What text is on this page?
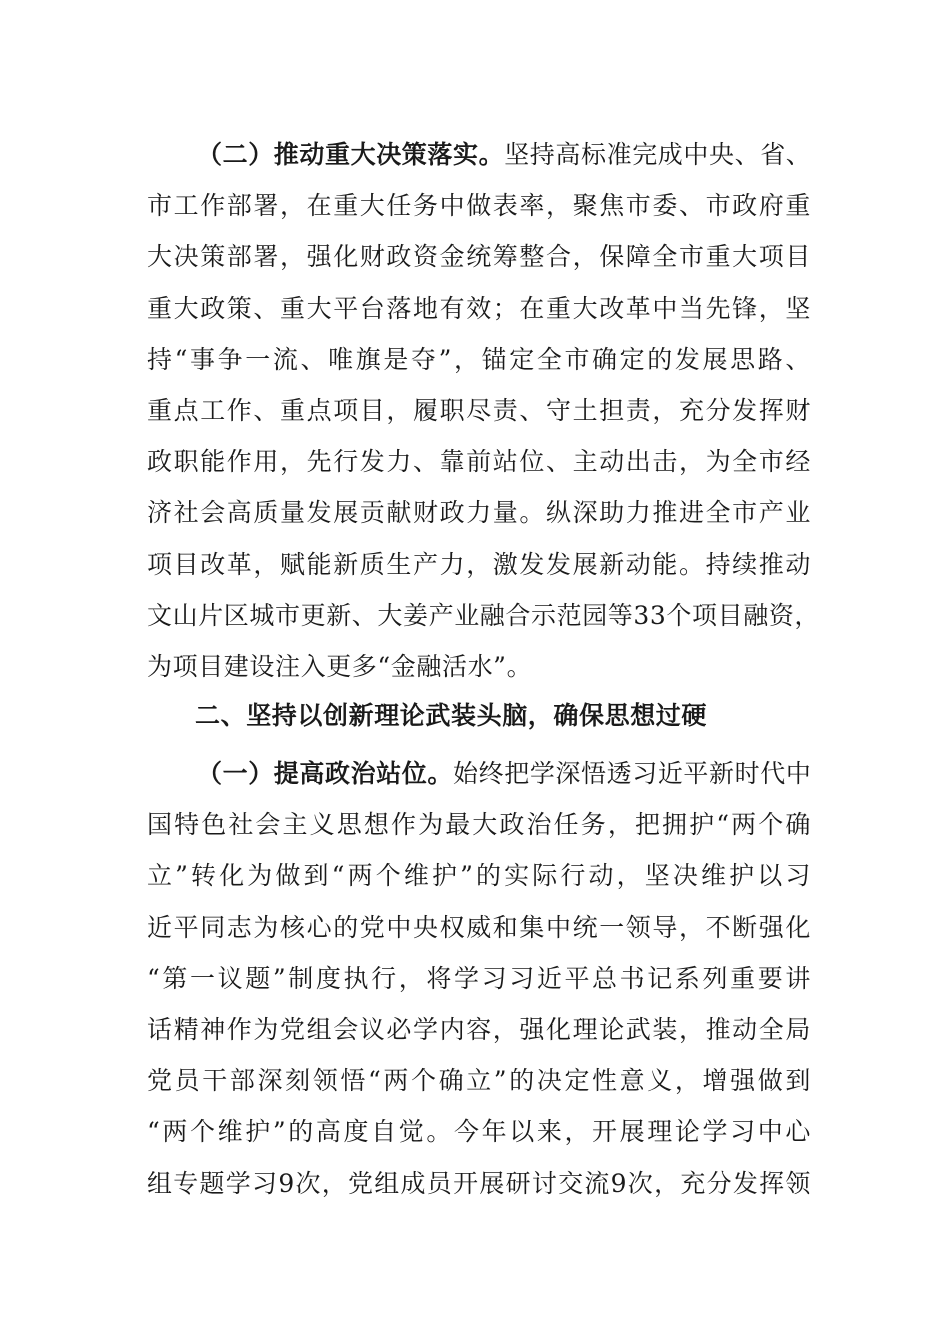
（二）推动重大决策落实。坚持高标准完成中央、省、
市工作部署，在重大任务中做表率，聚焦市委、市政府重
大决策部署，强化财政资金统筹整合，保障全市重大项目
重大政策、重大平台落地有效；在重大改革中当先锋，坚
持“事争一流、唯旗是夺”，锚定全市确定的发展思路、
重点工作、重点项目，履职尽责、守土担责，充分发挥财
政职能作用，先行发力、靠前站位、主动出击，为全市经
济社会高质量发展贡献财政力量。纵深助力推进全市产业
项目改革，赋能新质生产力，激发发展新动能。持续推动
文山片区城市更新、大姜产业融合示范园等33个项目融资，
为项目建设注入更多“金融活水”。
二、坚持以创新理论武装头脑，确保思想过硬
（一）提高政治站位。始终把学深悟透习近平新时代中
国特色社会主义思想作为最大政治任务，把拥护“两个确
立”转化为做到“两个维护”的实际行动，坚决维护以习
近平同志为核心的党中央权威和集中统一领导，不断强化
“第一议题”制度执行，将学习习近平总书记系列重要讲
话精神作为党组会议必学内容，强化理论武装，推动全局
党员干部深刻领悟“两个确立”的决定性意义，增强做到
“两个维护”的高度自觉。今年以来，开展理论学习中心
组专题学习9次，党组成员开展研讨交流9次，充分发挥领
